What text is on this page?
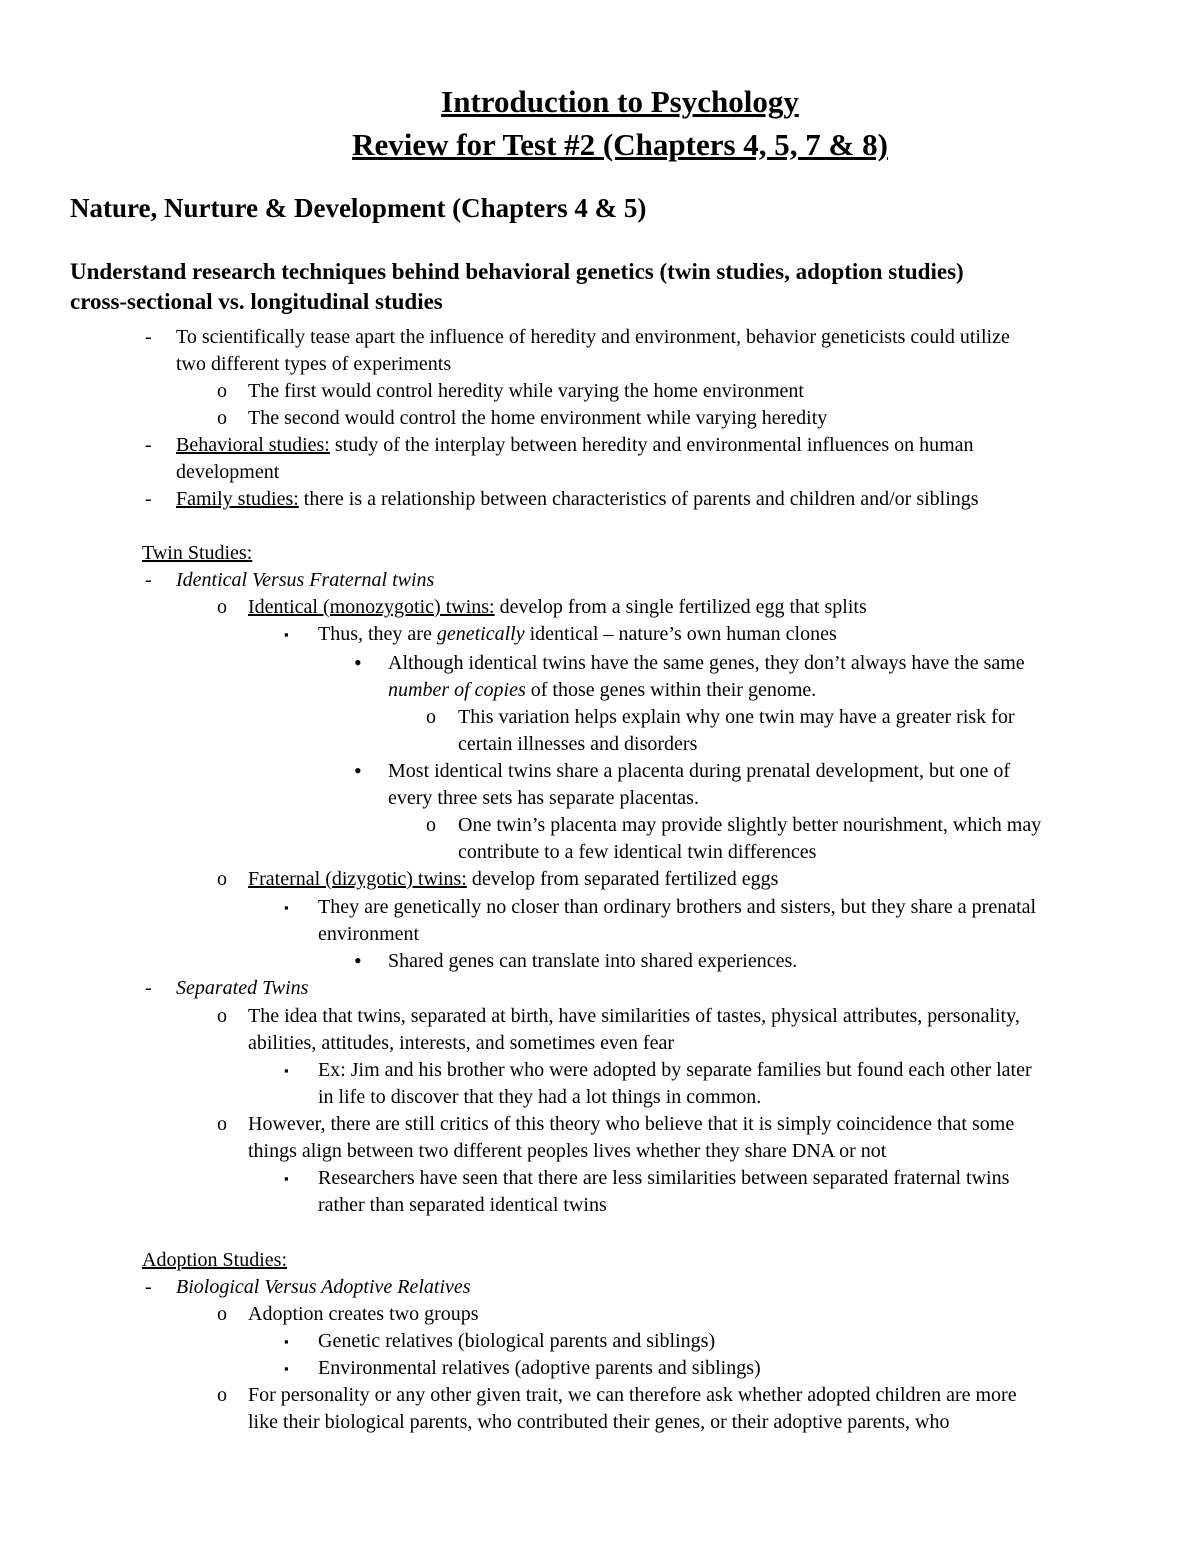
Introduction to Psychology
Review for Test #2 (Chapters 4, 5, 7 & 8)
Nature, Nurture & Development (Chapters 4 & 5)
Understand research techniques behind behavioral genetics (twin studies, adoption studies)
cross-sectional vs. longitudinal studies
- To scientifically tease apart the influence of heredity and environment, behavior geneticists could utilize
two different types of experiments
o The first would control heredity while varying the home environment
o The second would control the home environment while varying heredity
- Behavioral studies: study of the interplay between heredity and environmental influences on human
development
- Family studies: there is a relationship between characteristics of parents and children and/or siblings
Twin Studies:
- Identical Versus Fraternal twins
o Identical (monozygotic) twins: develop from a single fertilized egg that splits
▪ Thus, they are genetically identical – nature’s own human clones
• Although identical twins have the same genes, they don’t always have the same
number of copies of those genes within their genome.
o This variation helps explain why one twin may have a greater risk for
certain illnesses and disorders
• Most identical twins share a placenta during prenatal development, but one of
every three sets has separate placentas.
o One twin’s placenta may provide slightly better nourishment, which may
contribute to a few identical twin differences
o Fraternal (dizygotic) twins: develop from separated fertilized eggs
▪ They are genetically no closer than ordinary brothers and sisters, but they share a prenatal
environment
• Shared genes can translate into shared experiences.
- Separated Twins
o The idea that twins, separated at birth, have similarities of tastes, physical attributes, personality,
abilities, attitudes, interests, and sometimes even fear
▪ Ex: Jim and his brother who were adopted by separate families but found each other later
in life to discover that they had a lot things in common.
o However, there are still critics of this theory who believe that it is simply coincidence that some
things align between two different peoples lives whether they share DNA or not
▪ Researchers have seen that there are less similarities between separated fraternal twins
rather than separated identical twins
Adoption Studies:
- Biological Versus Adoptive Relatives
o Adoption creates two groups
▪ Genetic relatives (biological parents and siblings)
▪ Environmental relatives (adoptive parents and siblings)
o For personality or any other given trait, we can therefore ask whether adopted children are more
like their biological parents, who contributed their genes, or their adoptive parents, who
